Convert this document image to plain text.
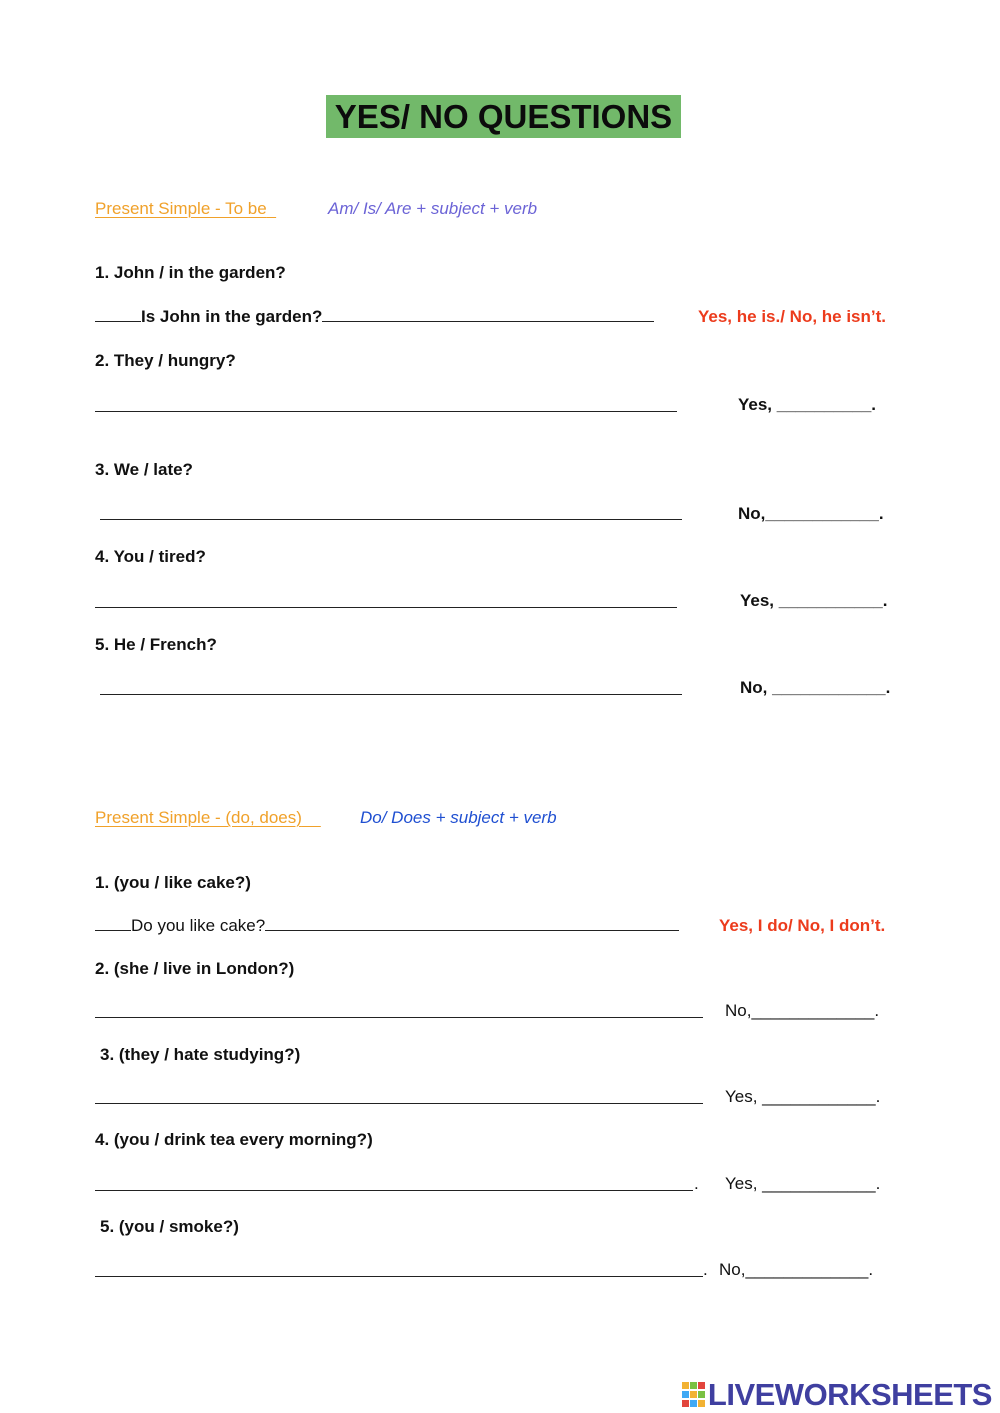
YES/ NO QUESTIONS
Present Simple - To be	Am/ Is/ Are + subject + verb
1. John / in the garden?
Is John in the garden?	Yes, he is./ No, he isn’t.
2. They / hungry?
Yes, __________.
3. We / late?
No,____________.
4. You / tired?
Yes, ___________.
5. He / French?
No, ____________.
Present Simple - (do, does)	Do/ Does + subject + verb
1. (you / like cake?)
Do you like cake?	Yes, I do/ No, I don’t.
2. (she / live in London?)
No,_____________.
3. (they / hate studying?)
Yes, ____________.
4. (you / drink tea every morning?)
. Yes, ____________.
5. (you / smoke?)
. No,_____________.
LIVEWORKSHEETS
